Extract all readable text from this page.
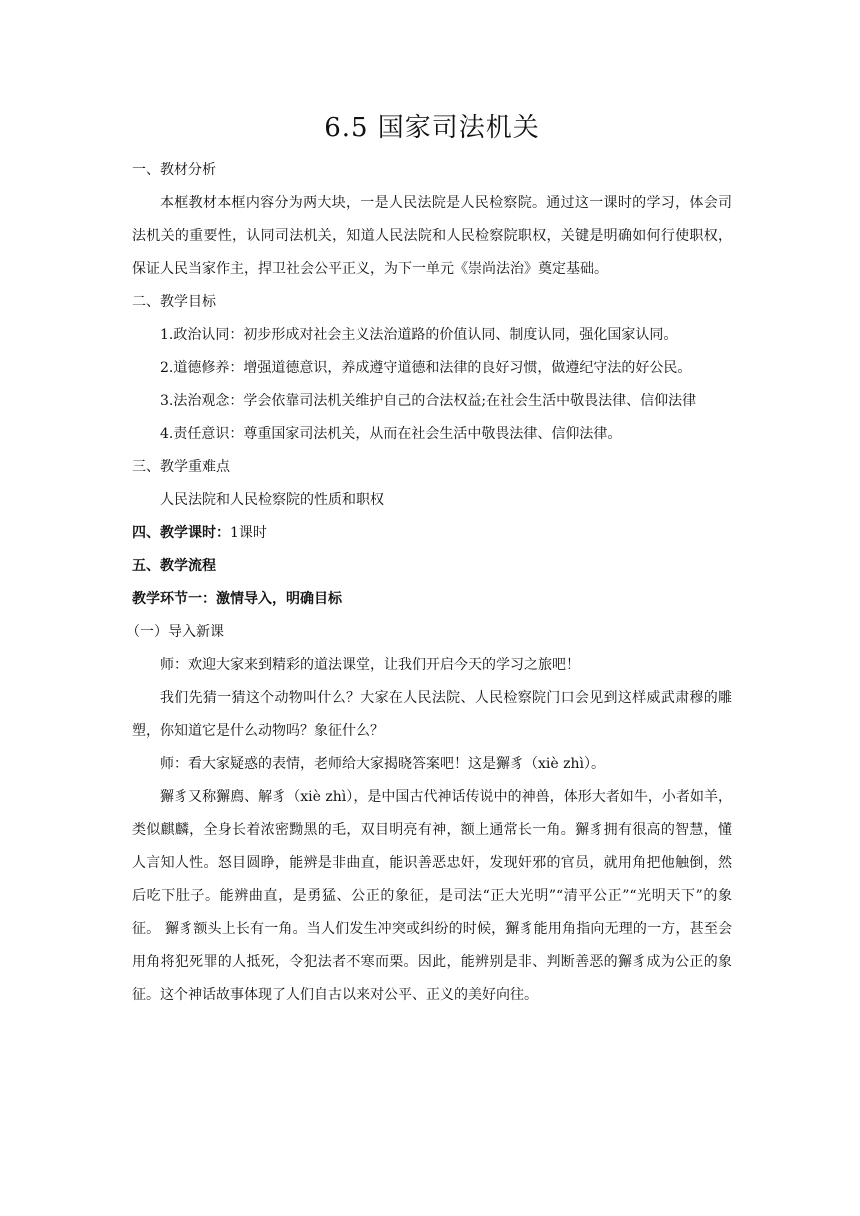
6.5 国家司法机关

一、教材分析

本框教材本框内容分为两大块，一是人民法院是人民检察院。通过这一课时的学习，体会司法机关的重要性，认同司法机关，知道人民法院和人民检察院职权，关键是明确如何行使职权，保证人民当家作主，捍卫社会公平正义，为下一单元《崇尚法治》奠定基础。

二、教学目标

1.政治认同：初步形成对社会主义法治道路的价值认同、制度认同，强化国家认同。

2.道德修养：增强道德意识，养成遵守道德和法律的良好习惯，做遵纪守法的好公民。

3.法治观念：学会依靠司法机关维护自己的合法权益;在社会生活中敬畏法律、信仰法律

4.责任意识：尊重国家司法机关，从而在社会生活中敬畏法律、信仰法律。

三、教学重难点

人民法院和人民检察院的性质和职权

四、教学课时：1课时

五、教学流程

教学环节一：激情导入，明确目标

（一）导入新课

师：欢迎大家来到精彩的道法课堂，让我们开启今天的学习之旅吧！

我们先猜一猜这个动物叫什么？大家在人民法院、人民检察院门口会见到这样威武肃穆的雕塑，你知道它是什么动物吗？象征什么？

师：看大家疑惑的表情，老师给大家揭晓答案吧！这是獬豸（xiè zhì）。

獬豸又称獬廌、解豸（xiè zhì），是中国古代神话传说中的神兽，体形大者如牛，小者如羊，类似麒麟，全身长着浓密黝黑的毛，双目明亮有神，额上通常长一角。獬豸拥有很高的智慧，懂人言知人性。怒目圆睁，能辨是非曲直，能识善恶忠奸，发现奸邪的官员，就用角把他触倒，然后吃下肚子。能辨曲直，是勇猛、公正的象征，是司法“正大光明”“清平公正”“光明天下”的象征。 獬豸额头上长有一角。当人们发生冲突或纠纷的时候，獬豸能用角指向无理的一方，甚至会用角将犯死罪的人抵死，令犯法者不寒而栗。因此，能辨别是非、判断善恶的獬豸成为公正的象征。这个神话故事体现了人们自古以来对公平、正义的美好向往。
